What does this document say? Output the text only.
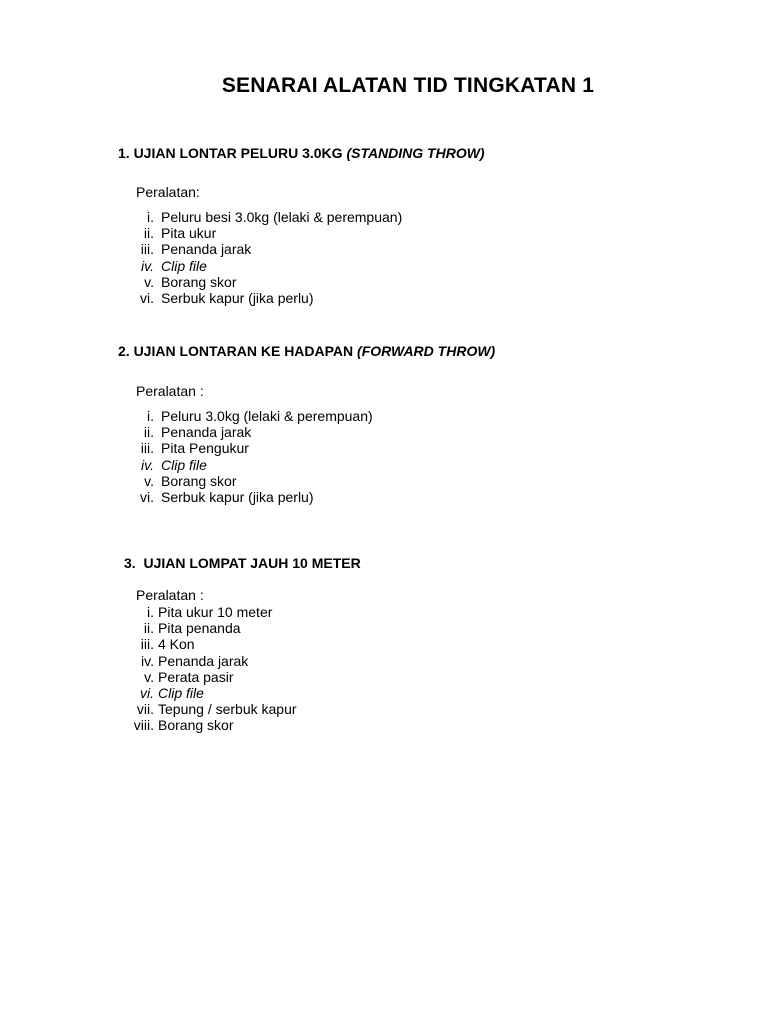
SENARAI ALATAN TID TINGKATAN 1
1. UJIAN LONTAR PELURU 3.0KG (STANDING THROW)
Peralatan:
i. Peluru besi 3.0kg (lelaki & perempuan)
ii. Pita ukur
iii. Penanda jarak
iv. Clip file
v. Borang skor
vi. Serbuk kapur (jika perlu)
2. UJIAN LONTARAN KE HADAPAN (FORWARD THROW)
Peralatan :
i. Peluru 3.0kg (lelaki & perempuan)
ii. Penanda jarak
iii. Pita Pengukur
iv. Clip file
v. Borang skor
vi. Serbuk kapur (jika perlu)
3.  UJIAN LOMPAT JAUH 10 METER
Peralatan :
i. Pita ukur 10 meter
ii. Pita penanda
iii. 4 Kon
iv. Penanda jarak
v. Perata pasir
vi. Clip file
vii. Tepung / serbuk kapur
viii. Borang skor
